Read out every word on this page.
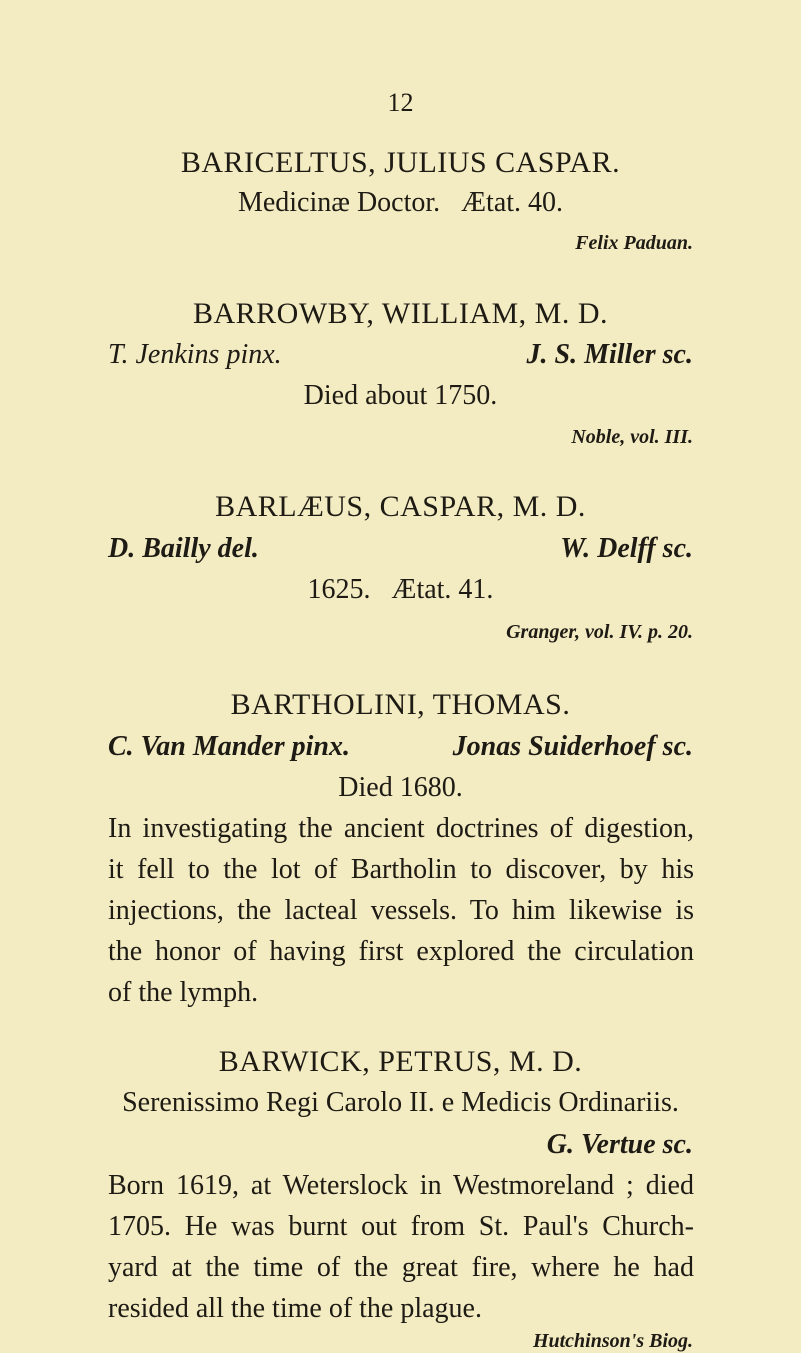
12
BARICELTUS, JULIUS CASPAR.
Medicinæ Doctor. Ætat. 40.
Felix Paduan.
BARROWBY, WILLIAM, M. D.
T. Jenkins pinx.	J. S. Miller sc.
Died about 1750.
Noble, vol. III.
BARLÆUS, CASPAR, M. D.
D. Bailly del.	W. Delff sc.
1625. Ætat. 41.
Granger, vol. IV. p. 20.
BARTHOLINI, THOMAS.
C. Van Mander pinx.	Jonas Suiderhoef sc.
Died 1680.
In investigating the ancient doctrines of digestion,
it fell to the lot of Bartholin to discover, by his
injections, the lacteal vessels. To him likewise is
the honor of having first explored the circulation
of the lymph.
BARWICK, PETRUS, M. D.
Serenissimo Regi Carolo II. e Medicis Ordinariis.
G. Vertue sc.
Born 1619, at Weterslock in Westmoreland ; died
1705. He was burnt out from St. Paul's Church-
yard at the time of the great fire, where he had
resided all the time of the plague.
Hutchinson's Biog.
